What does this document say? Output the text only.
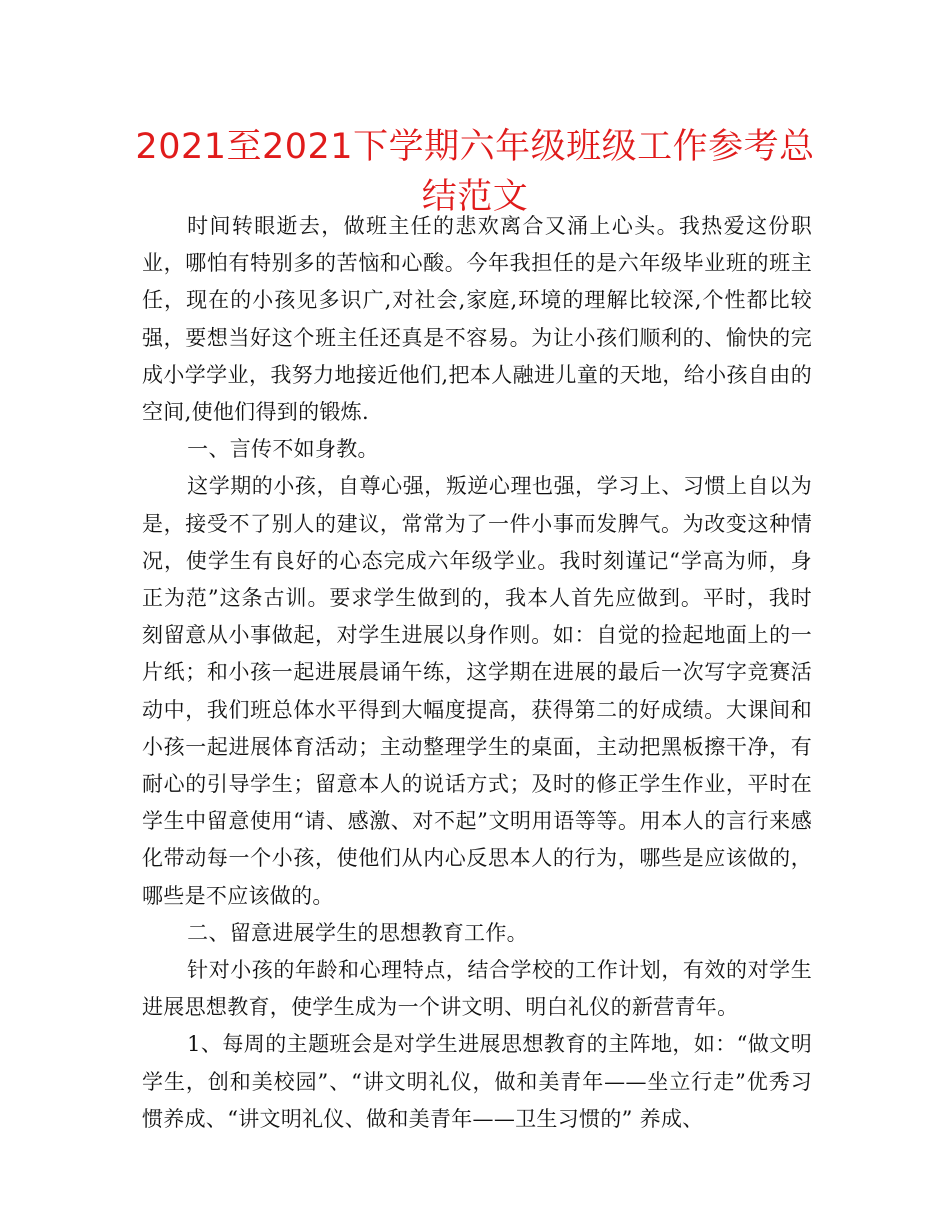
2021至2021下学期六年级班级工作参考总结范文

时间转眼逝去，做班主任的悲欢离合又涌上心头。我热爱这份职业，哪怕有特别多的苦恼和心酸。今年我担任的是六年级毕业班的班主任，现在的小孩见多识广,对社会,家庭,环境的理解比较深,个性都比较强，要想当好这个班主任还真是不容易。为让小孩们顺利的、愉快的完成小学学业，我努力地接近他们,把本人融进儿童的天地，给小孩自由的空间,使他们得到的锻炼.

一、言传不如身教。

这学期的小孩，自尊心强，叛逆心理也强，学习上、习惯上自以为是，接受不了别人的建议，常常为了一件小事而发脾气。为改变这种情况，使学生有良好的心态完成六年级学业。我时刻谨记“学高为师，身正为范”这条古训。要求学生做到的，我本人首先应做到。平时，我时刻留意从小事做起，对学生进展以身作则。如：自觉的捡起地面上的一片纸；和小孩一起进展晨诵午练，这学期在进展的最后一次写字竞赛活动中，我们班总体水平得到大幅度提高，获得第二的好成绩。大课间和小孩一起进展体育活动；主动整理学生的桌面，主动把黑板擦干净，有耐心的引导学生；留意本人的说话方式；及时的修正学生作业，平时在学生中留意使用“请、感激、对不起”文明用语等等。用本人的言行来感化带动每一个小孩，使他们从内心反思本人的行为，哪些是应该做的，哪些是不应该做的。

二、留意进展学生的思想教育工作。

针对小孩的年龄和心理特点，结合学校的工作计划，有效的对学生进展思想教育，使学生成为一个讲文明、明白礼仪的新营青年。

1、每周的主题班会是对学生进展思想教育的主阵地，如：“做文明学生，创和美校园”、“讲文明礼仪，做和美青年——坐立行走”优秀习惯养成、“讲文明礼仪、做和美青年——卫生习惯的” 养成、
